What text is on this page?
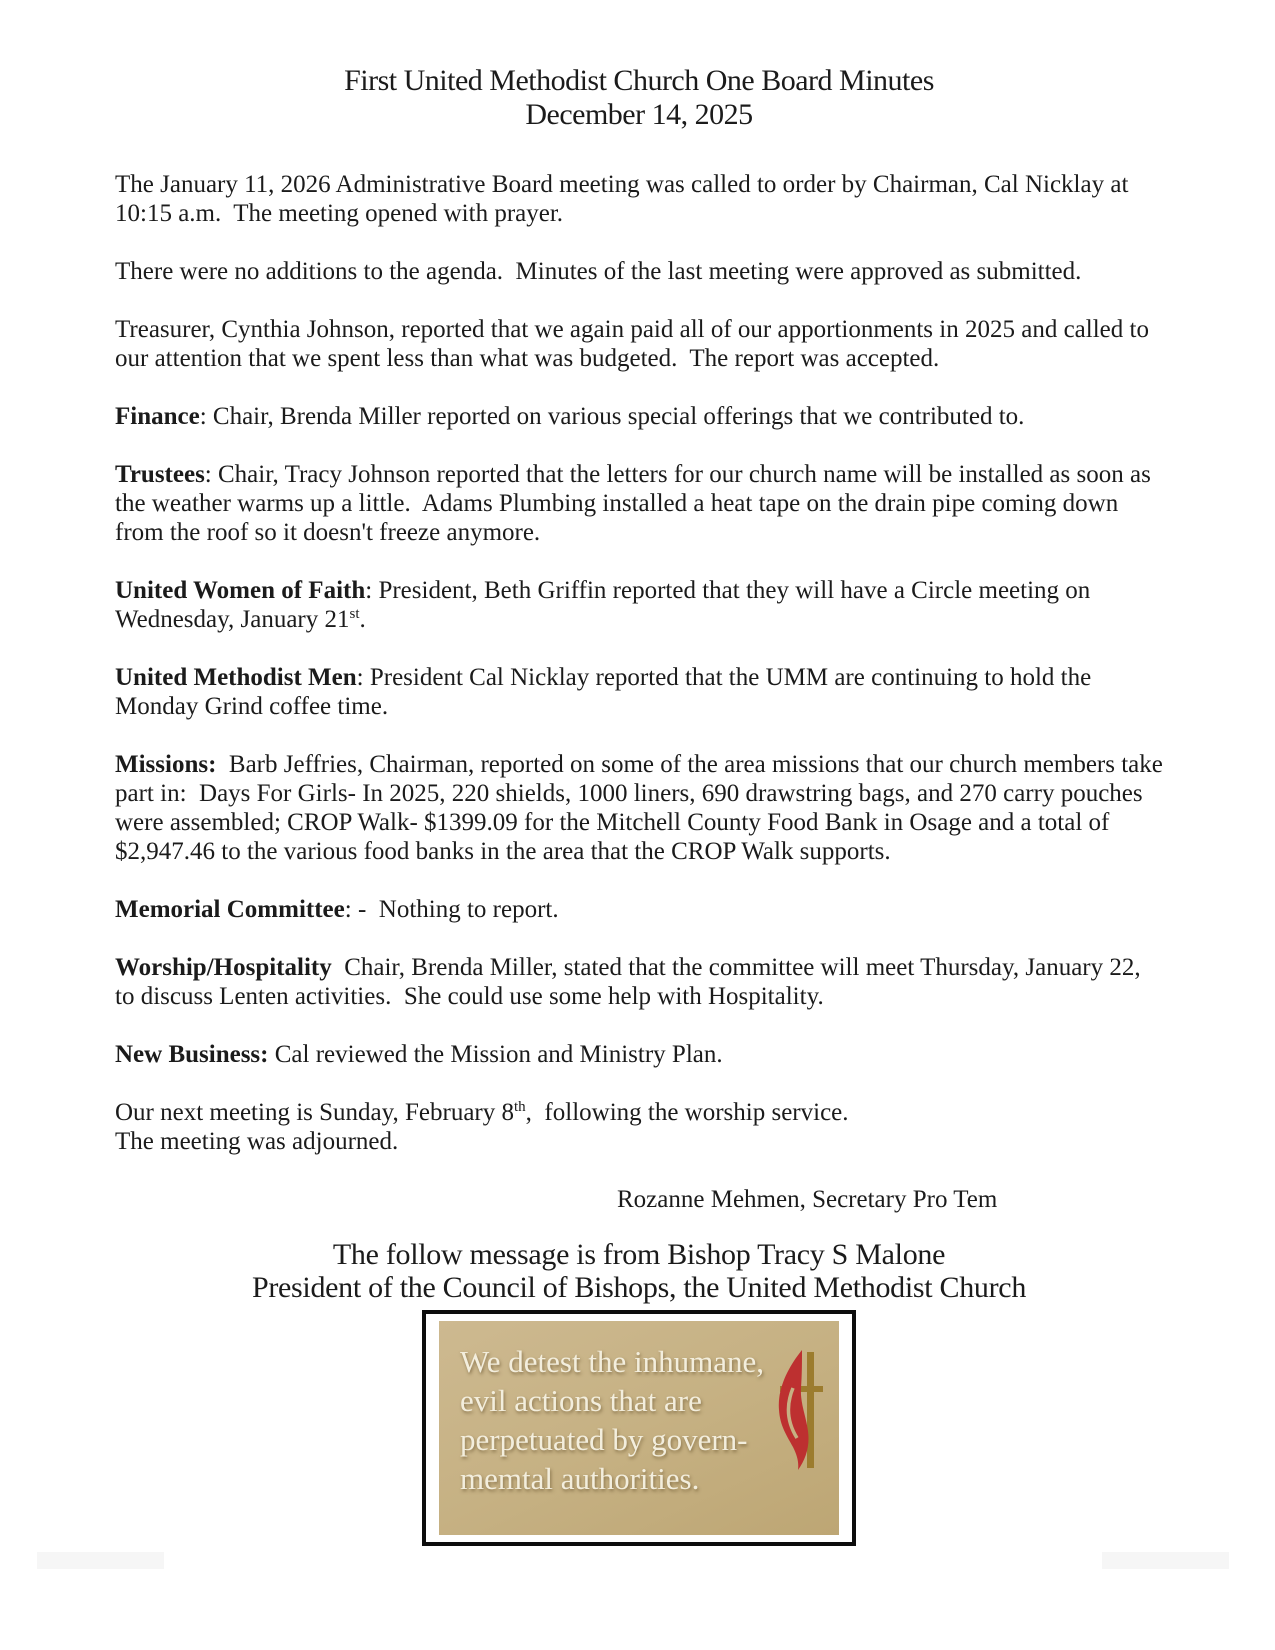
First United Methodist Church One Board Minutes
December 14, 2025

The January 11, 2026 Administrative Board meeting was called to order by Chairman, Cal Nicklay at 10:15 a.m.  The meeting opened with prayer.

There were no additions to the agenda.  Minutes of the last meeting were approved as submitted.

Treasurer, Cynthia Johnson, reported that we again paid all of our apportionments in 2025 and called to our attention that we spent less than what was budgeted.  The report was accepted.

Finance: Chair, Brenda Miller reported on various special offerings that we contributed to.

Trustees: Chair, Tracy Johnson reported that the letters for our church name will be installed as soon as the weather warms up a little.  Adams Plumbing installed a heat tape on the drain pipe coming down from the roof so it doesn't freeze anymore.

United Women of Faith: President, Beth Griffin reported that they will have a Circle meeting on Wednesday, January 21st.

United Methodist Men: President Cal Nicklay reported that the UMM are continuing to hold the Monday Grind coffee time.

Missions:  Barb Jeffries, Chairman, reported on some of the area missions that our church members take part in:  Days For Girls- In 2025, 220 shields, 1000 liners, 690 drawstring bags, and 270 carry pouches were assembled; CROP Walk- $1399.09 for the Mitchell County Food Bank in Osage and a total of $2,947.46 to the various food banks in the area that the CROP Walk supports.

Memorial Committee: -  Nothing to report.

Worship/Hospitality  Chair, Brenda Miller, stated that the committee will meet Thursday, January 22, to discuss Lenten activities.  She could use some help with Hospitality.

New Business: Cal reviewed the Mission and Ministry Plan.

Our next meeting is Sunday, February 8th,  following the worship service.
The meeting was adjourned.

Rozanne Mehmen, Secretary Pro Tem

The follow message is from Bishop Tracy S Malone
President of the Council of Bishops, the United Methodist Church
We detest the inhumane,
evil actions that are
perpetuated by govern-
memtal authorities.
